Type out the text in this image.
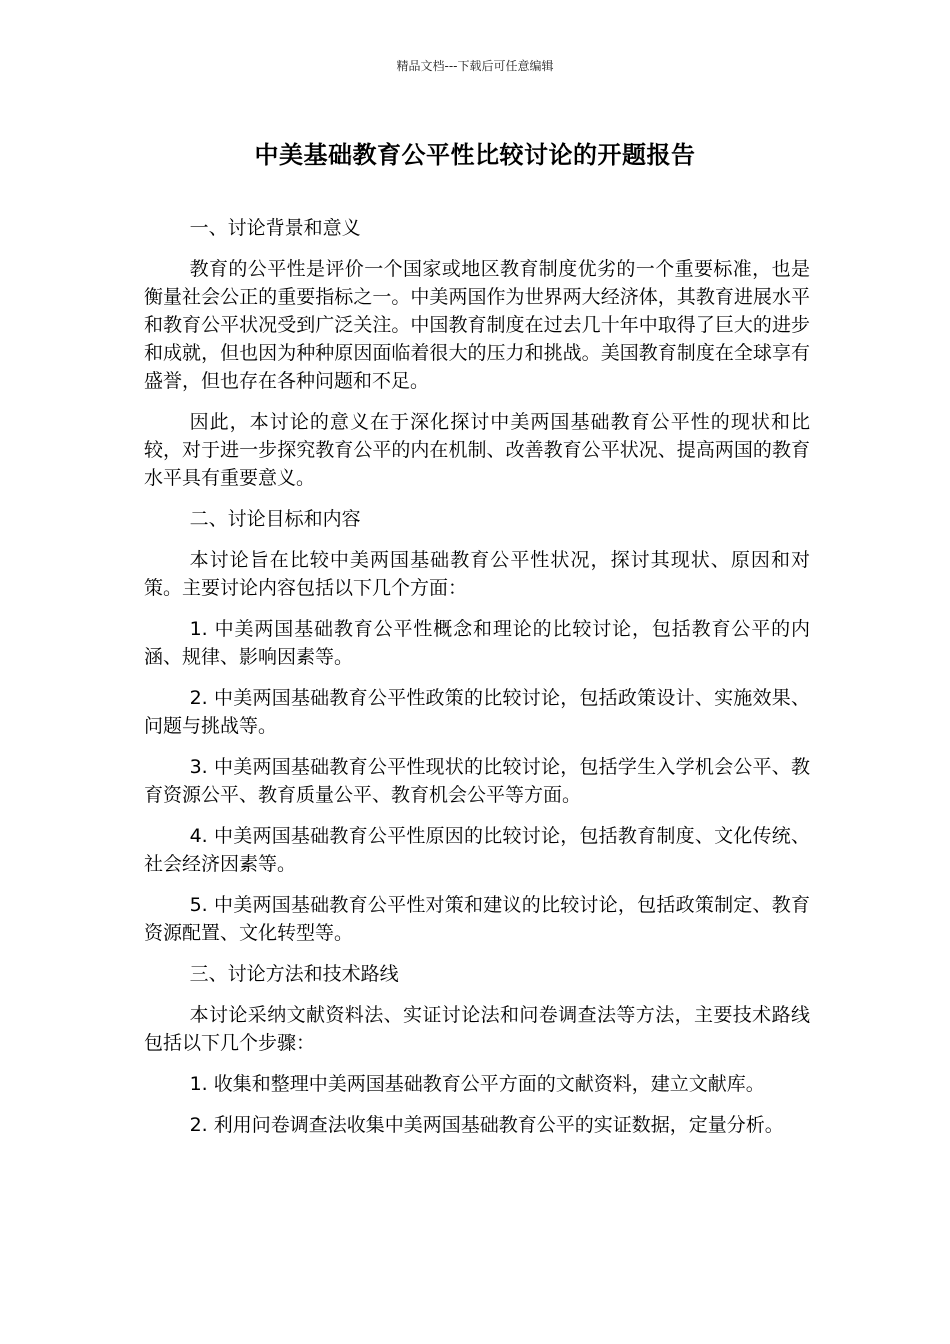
精品文档---下载后可任意编辑
中美基础教育公平性比较讨论的开题报告

一、讨论背景和意义

教育的公平性是评价一个国家或地区教育制度优劣的一个重要标准，也是衡量社会公正的重要指标之一。中美两国作为世界两大经济体，其教育进展水平和教育公平状况受到广泛关注。中国教育制度在过去几十年中取得了巨大的进步和成就，但也因为种种原因面临着很大的压力和挑战。美国教育制度在全球享有盛誉，但也存在各种问题和不足。

因此，本讨论的意义在于深化探讨中美两国基础教育公平性的现状和比较，对于进一步探究教育公平的内在机制、改善教育公平状况、提高两国的教育水平具有重要意义。

二、讨论目标和内容

本讨论旨在比较中美两国基础教育公平性状况，探讨其现状、原因和对策。主要讨论内容包括以下几个方面：

1. 中美两国基础教育公平性概念和理论的比较讨论，包括教育公平的内涵、规律、影响因素等。

2. 中美两国基础教育公平性政策的比较讨论，包括政策设计、实施效果、问题与挑战等。

3. 中美两国基础教育公平性现状的比较讨论，包括学生入学机会公平、教育资源公平、教育质量公平、教育机会公平等方面。

4. 中美两国基础教育公平性原因的比较讨论，包括教育制度、文化传统、社会经济因素等。

5. 中美两国基础教育公平性对策和建议的比较讨论，包括政策制定、教育资源配置、文化转型等。

三、讨论方法和技术路线

本讨论采纳文献资料法、实证讨论法和问卷调查法等方法，主要技术路线包括以下几个步骤：

1. 收集和整理中美两国基础教育公平方面的文献资料，建立文献库。

2. 利用问卷调查法收集中美两国基础教育公平的实证数据，定量分析。
